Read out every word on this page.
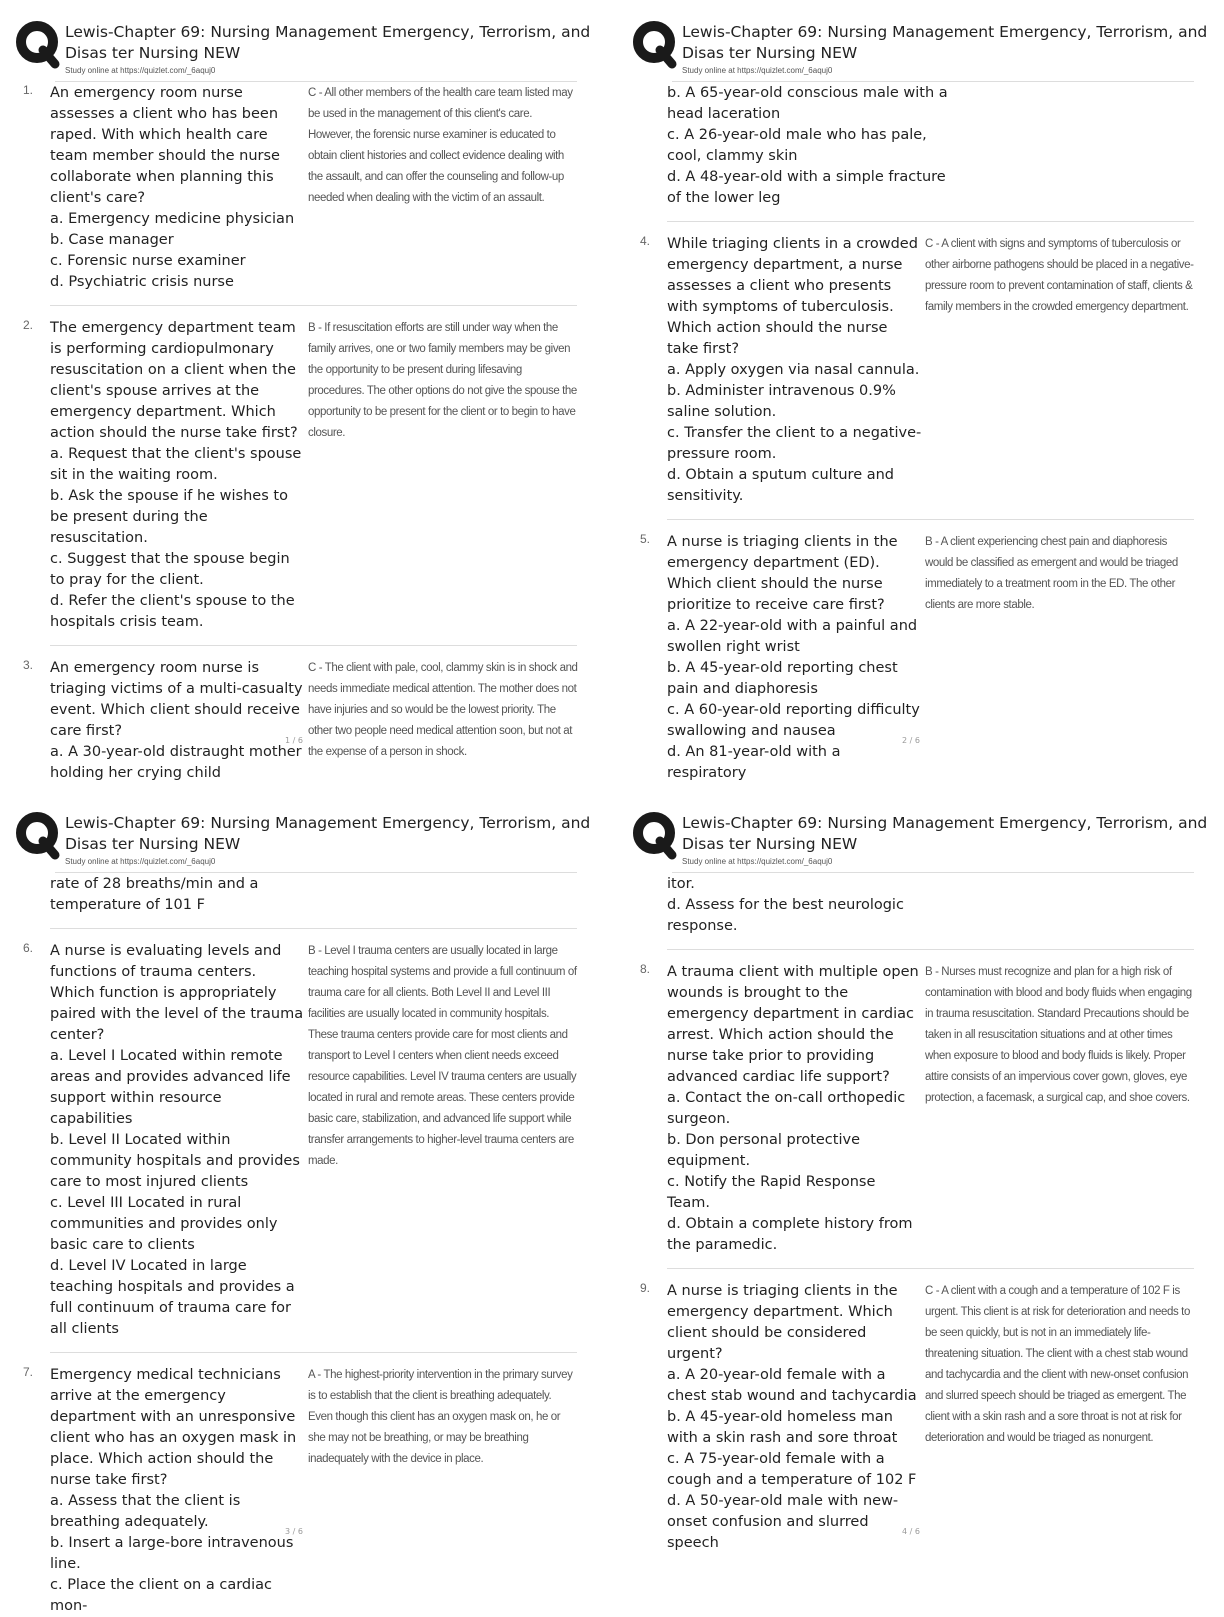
Lewis-Chapter 69: Nursing Management Emergency, Terrorism, and Disas ter Nursing NEW
Study online at https://quizlet.com/_6aquj0
1. An emergency room nurse assesses a client who has been raped. With which health care team member should the nurse collaborate when planning this client's care?
a. Emergency medicine physician
b. Case manager
c. Forensic nurse examiner
d. Psychiatric crisis nurse
C - All other members of the health care team listed may be used in the management of this client's care. However, the forensic nurse examiner is educated to obtain client histories and collect evidence dealing with the assault, and can offer the counseling and follow-up needed when dealing with the victim of an assault.
2. The emergency department team is performing cardiopulmonary resuscitation on a client when the client's spouse arrives at the emergency department. Which action should the nurse take first?
a. Request that the client's spouse sit in the waiting room.
b. Ask the spouse if he wishes to be present during the resuscitation.
c. Suggest that the spouse begin to pray for the client.
d. Refer the client's spouse to the hospitals crisis team.
B - If resuscitation efforts are still under way when the family arrives, one or two family members may be given the opportunity to be present during lifesaving procedures. The other options do not give the spouse the opportunity to be present for the client or to begin to have closure.
3. An emergency room nurse is triaging victims of a multi-casualty event. Which client should receive care first?
a. A 30-year-old distraught mother holding her crying child
C - The client with pale, cool, clammy skin is in shock and needs immediate medical attention. The mother does not have injuries and so would be the lowest priority. The other two people need medical attention soon, but not at the expense of a person in shock.
1 / 6
Lewis-Chapter 69: Nursing Management Emergency, Terrorism, and Disas ter Nursing NEW
Study online at https://quizlet.com/_6aquj0
b. A 65-year-old conscious male with a head laceration
c. A 26-year-old male who has pale, cool, clammy skin
d. A 48-year-old with a simple fracture of the lower leg
4. While triaging clients in a crowded emergency department, a nurse assesses a client who presents with symptoms of tuberculosis. Which action should the nurse take first?
a. Apply oxygen via nasal cannula.
b. Administer intravenous 0.9% saline solution.
c. Transfer the client to a negative-pressure room.
d. Obtain a sputum culture and sensitivity.
C - A client with signs and symptoms of tuberculosis or other airborne pathogens should be placed in a negative-pressure room to prevent contamination of staff, clients & family members in the crowded emergency department.
5. A nurse is triaging clients in the emergency department (ED). Which client should the nurse prioritize to receive care first?
a. A 22-year-old with a painful and swollen right wrist
b. A 45-year-old reporting chest pain and diaphoresis
c. A 60-year-old reporting difficulty swallowing and nausea
d. An 81-year-old with a respiratory
B - A client experiencing chest pain and diaphoresis would be classified as emergent and would be triaged immediately to a treatment room in the ED. The other clients are more stable.
2 / 6
Lewis-Chapter 69: Nursing Management Emergency, Terrorism, and Disas ter Nursing NEW
Study online at https://quizlet.com/_6aquj0
rate of 28 breaths/min and a temperature of 101 F
6. A nurse is evaluating levels and functions of trauma centers. Which function is appropriately paired with the level of the trauma center?
a. Level I Located within remote areas and provides advanced life support within resource capabilities
b. Level II Located within community hospitals and provides care to most injured clients
c. Level III Located in rural communities and provides only basic care to clients
d. Level IV Located in large teaching hospitals and provides a full continuum of trauma care for all clients
B - Level I trauma centers are usually located in large teaching hospital systems and provide a full continuum of trauma care for all clients. Both Level II and Level III facilities are usually located in community hospitals. These trauma centers provide care for most clients and transport to Level I centers when client needs exceed resource capabilities. Level IV trauma centers are usually located in rural and remote areas. These centers provide basic care, stabilization, and advanced life support while transfer arrangements to higher-level trauma centers are made.
7. Emergency medical technicians arrive at the emergency department with an unresponsive client who has an oxygen mask in place. Which action should the nurse take first?
a. Assess that the client is breathing adequately.
b. Insert a large-bore intravenous line.
c. Place the client on a cardiac mon-
A - The highest-priority intervention in the primary survey is to establish that the client is breathing adequately. Even though this client has an oxygen mask on, he or she may not be breathing, or may be breathing inadequately with the device in place.
3 / 6
Lewis-Chapter 69: Nursing Management Emergency, Terrorism, and Disas ter Nursing NEW
Study online at https://quizlet.com/_6aquj0
itor.
d. Assess for the best neurologic response.
8. A trauma client with multiple open wounds is brought to the emergency department in cardiac arrest. Which action should the nurse take prior to providing advanced cardiac life support?
a. Contact the on-call orthopedic surgeon.
b. Don personal protective equipment.
c. Notify the Rapid Response Team.
d. Obtain a complete history from the paramedic.
B - Nurses must recognize and plan for a high risk of contamination with blood and body fluids when engaging in trauma resuscitation. Standard Precautions should be taken in all resuscitation situations and at other times when exposure to blood and body fluids is likely. Proper attire consists of an impervious cover gown, gloves, eye protection, a facemask, a surgical cap, and shoe covers.
9. A nurse is triaging clients in the emergency department. Which client should be considered urgent?
a. A 20-year-old female with a chest stab wound and tachycardia
b. A 45-year-old homeless man with a skin rash and sore throat
c. A 75-year-old female with a cough and a temperature of 102 F
d. A 50-year-old male with new-onset confusion and slurred speech
C - A client with a cough and a temperature of 102 F is urgent. This client is at risk for deterioration and needs to be seen quickly, but is not in an immediately life-threatening situation. The client with a chest stab wound and tachycardia and the client with new-onset confusion and slurred speech should be triaged as emergent. The client with a skin rash and a sore throat is not at risk for deterioration and would be triaged as nonurgent.
4 / 6
